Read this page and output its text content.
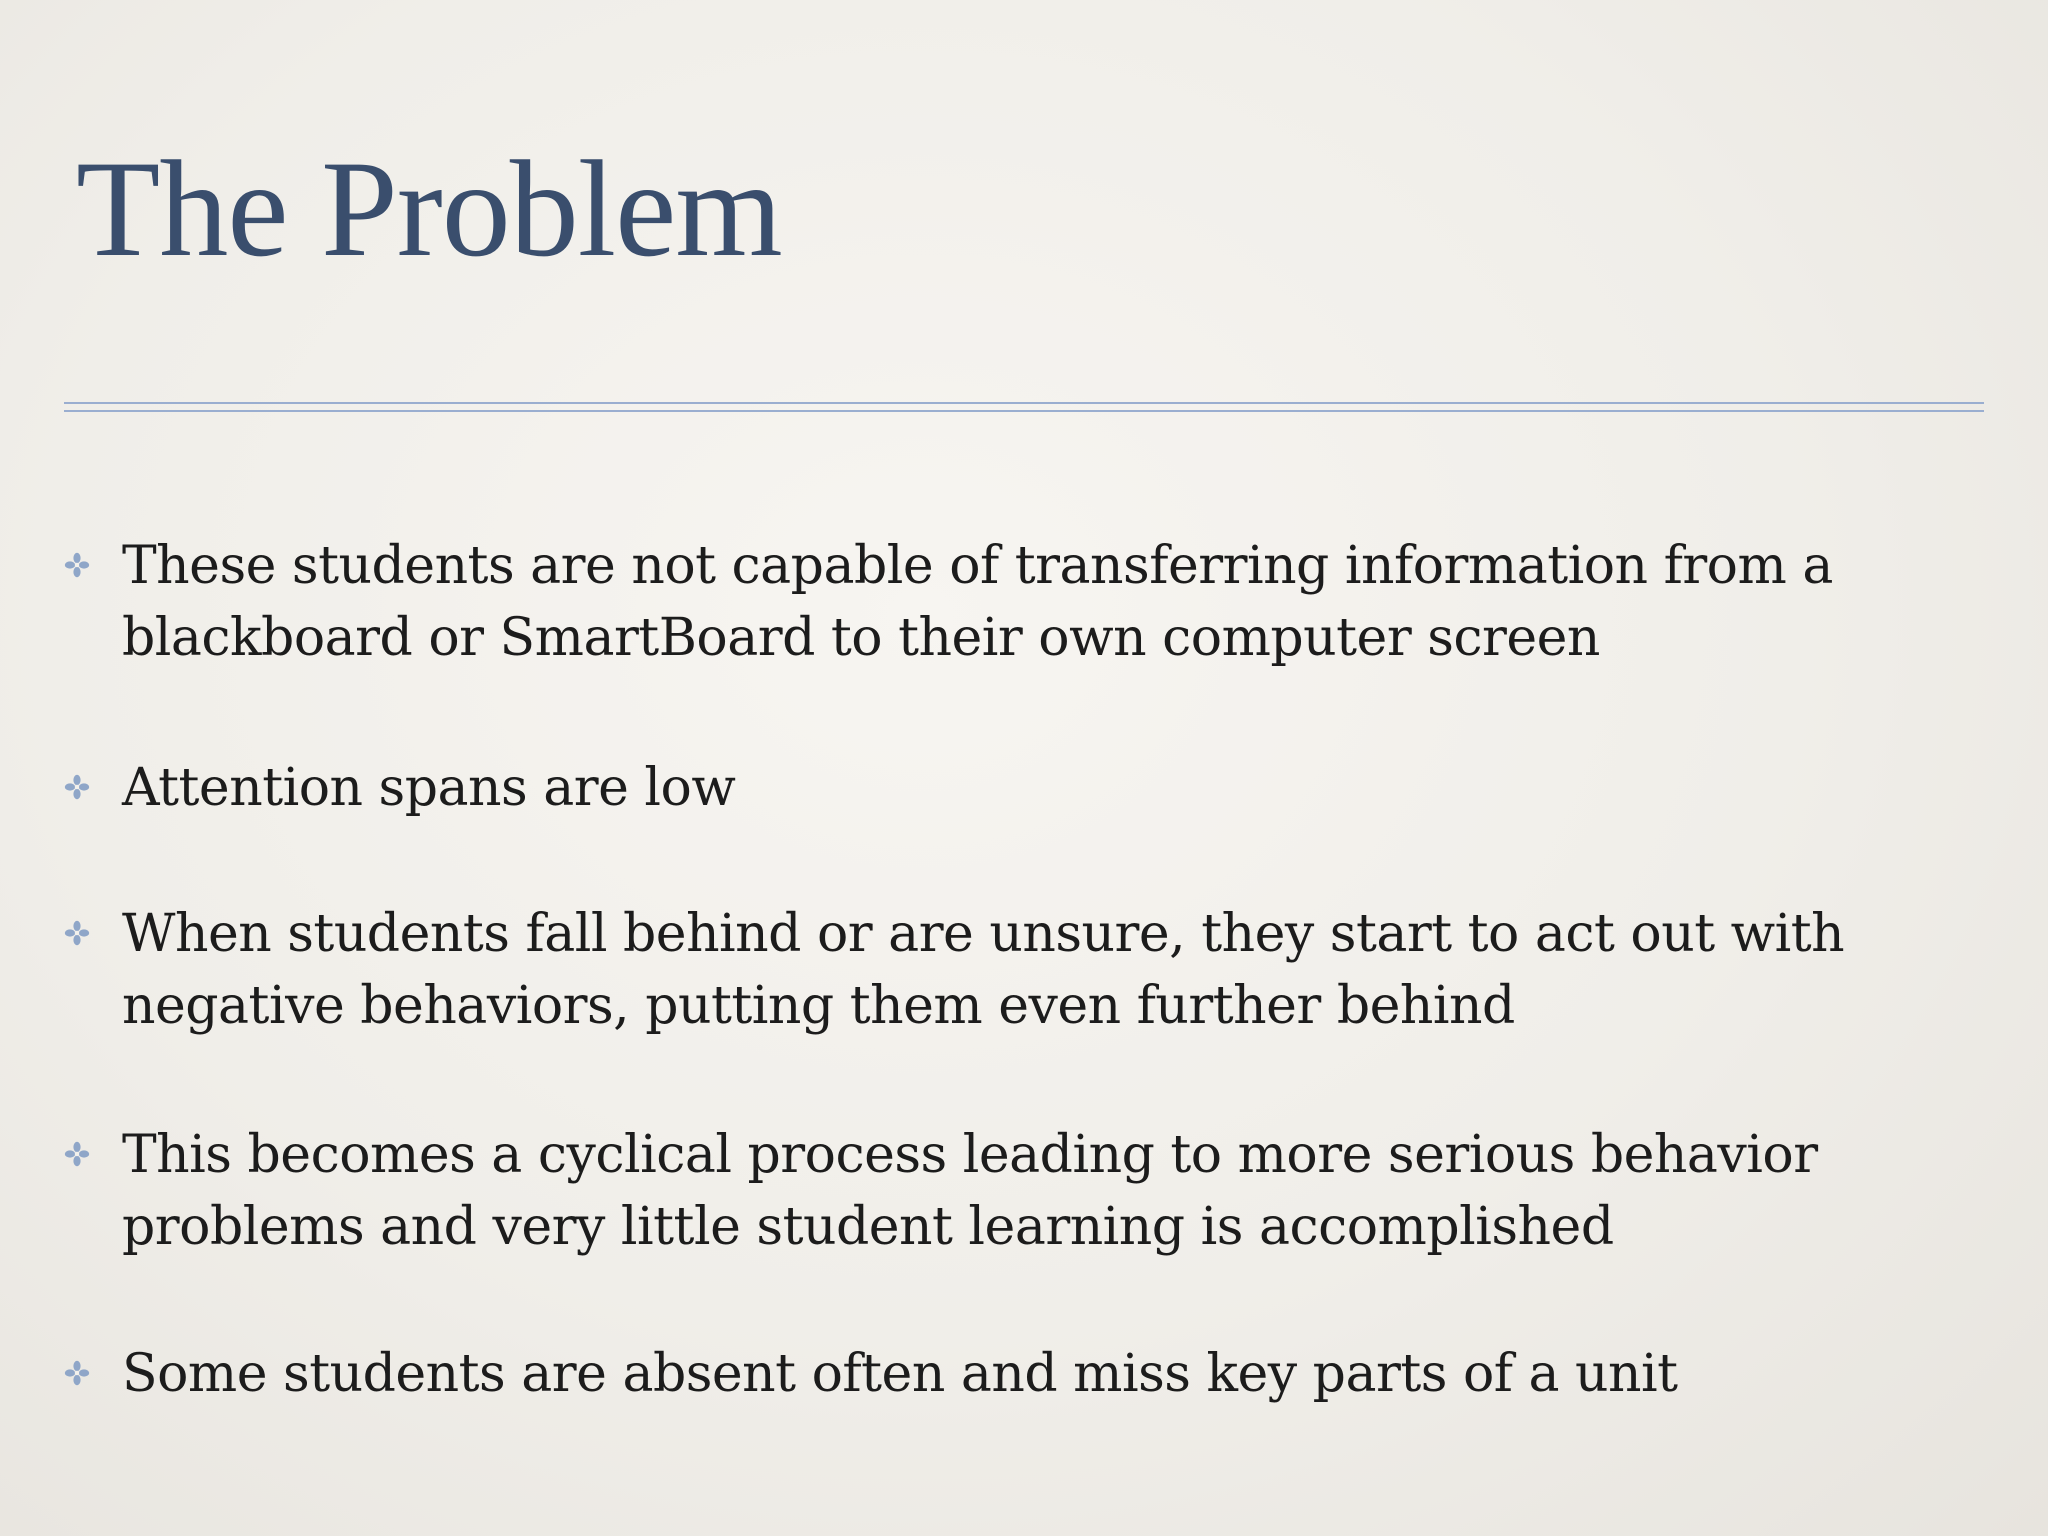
The Problem
These students are not capable of transferring information from a blackboard or SmartBoard to their own computer screen
Attention spans are low
When students fall behind or are unsure, they start to act out with negative behaviors, putting them even further behind
This becomes a cyclical process leading to more serious behavior problems and very little student learning is accomplished
Some students are absent often and miss key parts of a unit
